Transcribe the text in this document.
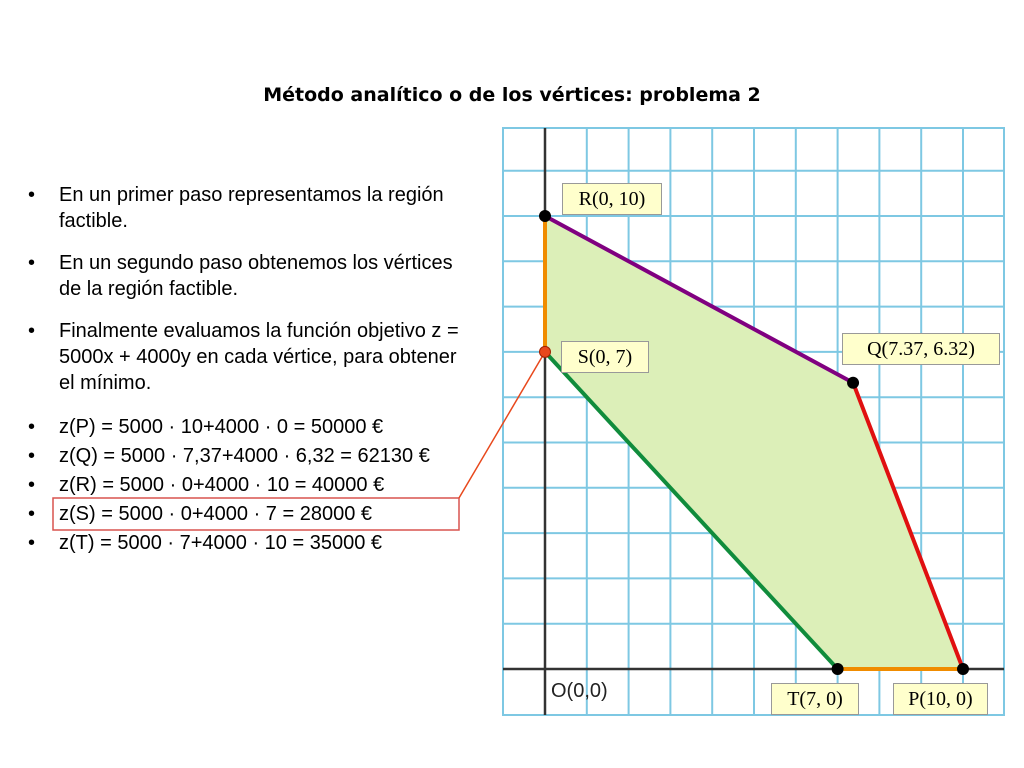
Método analítico o de los vértices: problema 2
• En un primer paso representamos la región factible.
• En un segundo paso obtenemos los vértices de la región factible.
• Finalmente evaluamos la función objetivo z = 5000x + 4000y en cada vértice, para obtener el mínimo.
• z(P) = 5000 · 10+4000 · 0 = 50000 €
• z(Q) = 5000 · 7,37+4000 · 6,32 = 62130 €
• z(R) = 5000 · 0+4000 · 10 = 40000 €
• z(S) = 5000 · 0+4000 · 7 = 28000 €
• z(T) = 5000 · 7+4000 · 10 = 35000 €
O(0,0)
R(0, 10)
Q(7.37, 6.32)
S(0, 7)
T(7, 0)	P(10, 0)
